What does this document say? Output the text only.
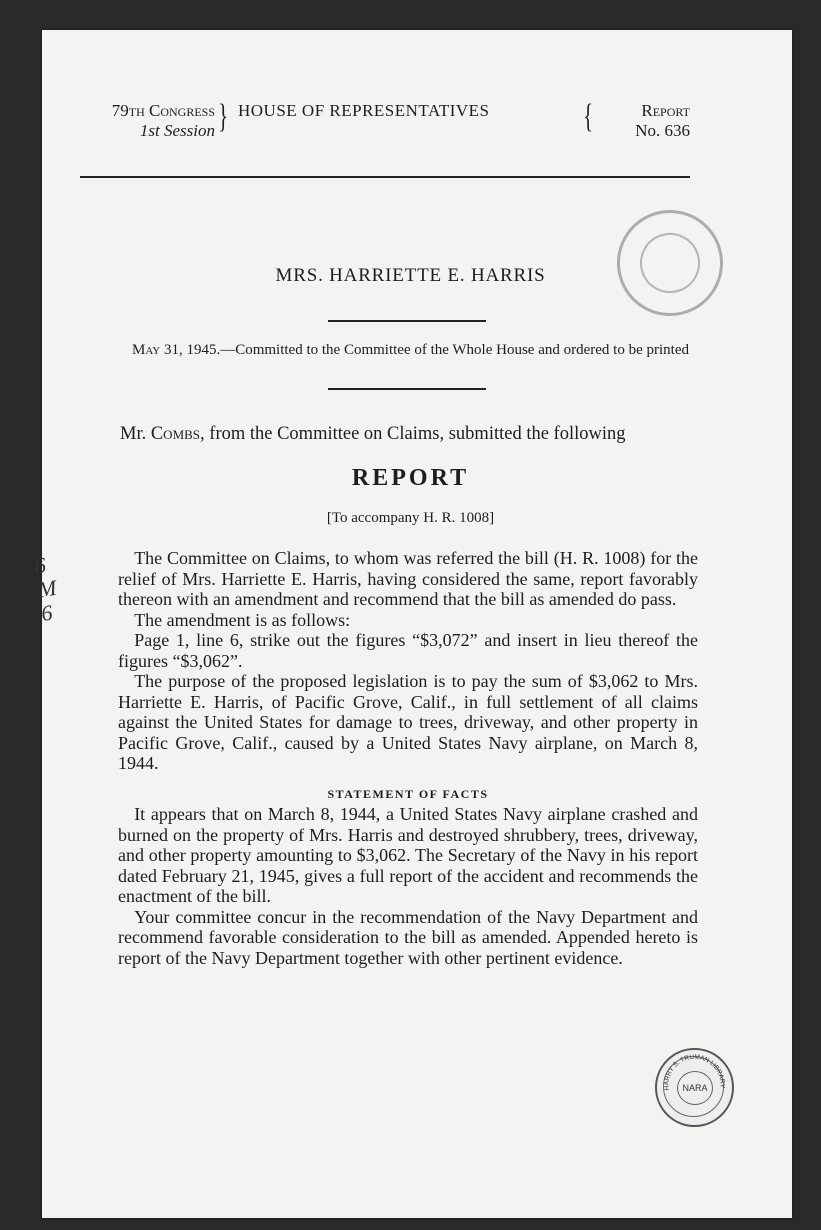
79th Congress
1st Session } HOUSE OF REPRESENTATIVES	{	Report
No. 636
MRS. HARRIETTE E. HARRIS
May 31, 1945.—Committed to the Committee of the Whole House and ordered to be printed
Mr. Combs, from the Committee on Claims, submitted the following
REPORT
[To accompany H. R. 1008]

The Committee on Claims, to whom was referred the bill (H. R. 1008) for the relief of Mrs. Harriette E. Harris, having considered the same, report favorably thereon with an amendment and recommend that the bill as amended do pass.

The amendment is as follows:

Page 1, line 6, strike out the figures “$3,072” and insert in lieu thereof the figures “$3,062”.

The purpose of the proposed legislation is to pay the sum of $3,062 to Mrs. Harriette E. Harris, of Pacific Grove, Calif., in full settlement of all claims against the United States for damage to trees, driveway, and other property in Pacific Grove, Calif., caused by a United States Navy airplane, on March 8, 1944.

STATEMENT OF FACTS

It appears that on March 8, 1944, a United States Navy airplane crashed and burned on the property of Mrs. Harris and destroyed shrubbery, trees, driveway, and other property amounting to $3,062. The Secretary of the Navy in his report dated February 21, 1945, gives a full report of the accident and recommends the enactment of the bill.

Your committee concur in the recommendation of the Navy Department and recommend favorable consideration to the bill as amended. Appended hereto is report of the Navy Department together with other pertinent evidence.

6
M
6
HARRY S. TRUMAN LIBRARY
NARA
